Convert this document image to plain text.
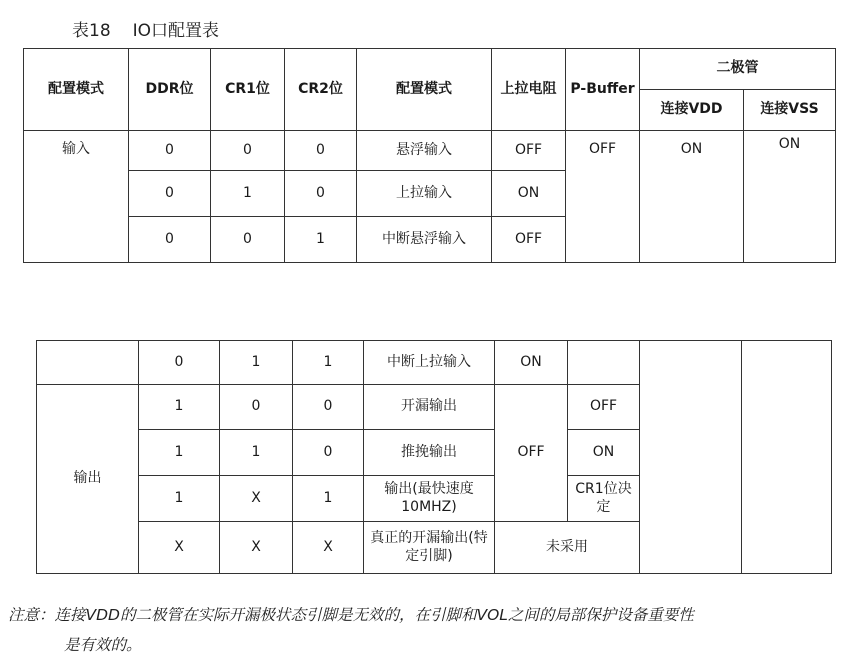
表18 IO口配置表
配置模式	DDR位	CR1位	CR2位	配置模式	上拉电阻	P-Buffer	二极管	
							连接VDD	连接VSS
输入	0	0	0	悬浮输入	OFF	OFF	ON	ON
	0	1	0	上拉输入	ON			
	0	0	1	中断悬浮输入	OFF			
	0	1	1	中断上拉输入	ON			
输出	1	0	0	开漏输出	OFF	OFF		
	1	1	0	推挽输出		ON		
	1	X	1	输出(最快速度10MHZ)		CR1位决定		
	X	X	X	真正的开漏输出(特定引脚)	未采用			
注意：连接VDD的二极管在实际开漏极状态引脚是无效的，在引脚和VOL之间的局部保护设备重要性
是有效的。
